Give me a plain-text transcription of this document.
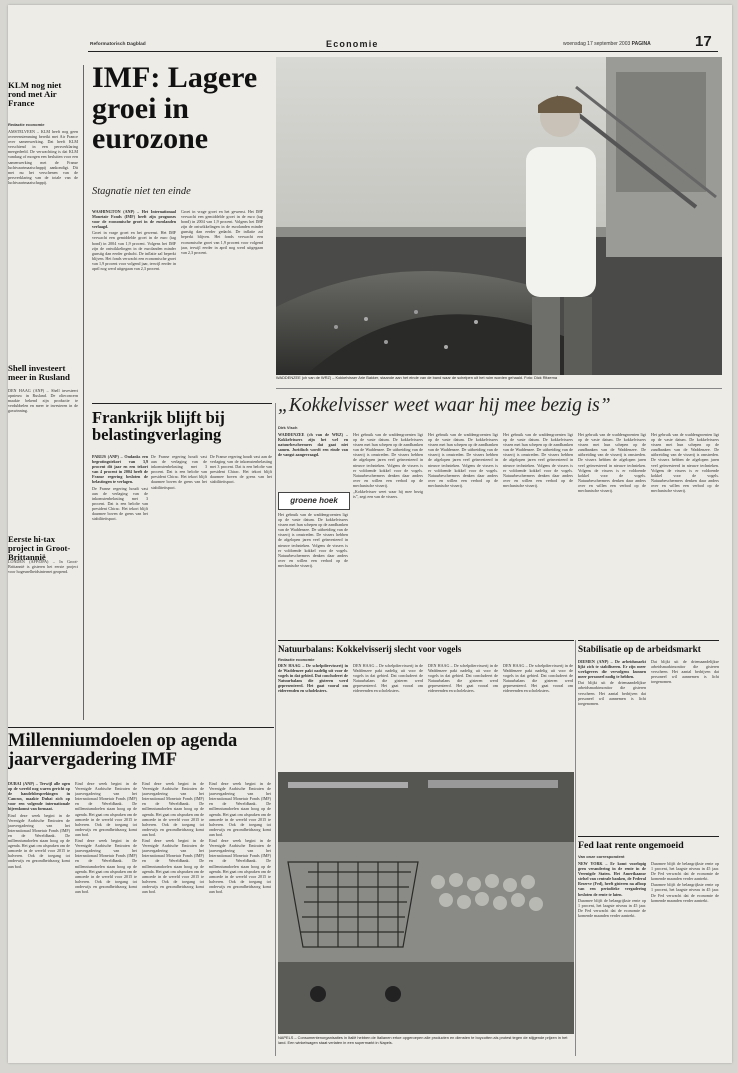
Reformatorisch Dagblad	Economie	woensdag 17 september 2003 PAGINA	17
KLM nog niet rond met Air France
Redactie economie

AMSTELVEEN – KLM heeft nog geen overeenstemming bereikt met Air France over samenwerking. Dat heeft KLM verschiend in een persverklaring meegedeeld. De verwachting is dat KLM vandaag of morgen een besluiten voor een samenwerking met de Franse luchtvaartmaatschappij aankondigt. Dit met nu het verschenen van de persverklaring van de totale van de luchtvaartmaatschappij.

Shell investeert meer in Rusland

DEN HAAG (ANP) – Shell investeert opnieuw in Rusland. De olieconcern maakte bekend zijn productie te verdubbelen en meer te investeren in de gaswinning.

Eerste hi-tax project in Groot-Brittannië

LONDEN (AFP/DPA) – In Groot-Brittannië is gisteren het eerste project voor hogesnelheidsinternet geopend.

IMF: Lagere groei in eurozone
Stagnatie niet ten einde

WASHINGTON (ANP) – Het Internationaal Monetair Fonds (IMF) heeft zijn prognoses voor de economische groei in de eurolanden verlaagd.

Groei in vrage groei en het gewenst. Het IMF verwacht een gemiddelde groei in de euro (tag bond) in 2004 van 1,9 procent. Volgens het IMF zijn de ontwikkelingen in de eurolanden minder gunstig dan eerder gedacht. De inflatie zal beperkt blijven. Het fonds verwacht een economische groei van 1,9 procent voor volgend jaar, terwijl eerder in april nog werd uitgegaan van 2,3 procent.

Groei in vrage groei en het gewenst. Het IMF verwacht een gemiddelde groei in de euro (tag bond) in 2004 van 1,9 procent. Volgens het IMF zijn de ontwikkelingen in de eurolanden minder gunstig dan eerder gedacht. De inflatie zal beperkt blijven. Het fonds verwacht een economische groei van 1,9 procent voor volgend jaar, terwijl eerder in april nog werd uitgegaan van 2,3 procent.

WADDENZEE (ch van de WRZ) – Kokkelvisser Arie Bakker, staande aan het einde van de band waar de schelpen uit het ruim worden gehaald. Foto: Dick Ritzema
„Kokkelvisser weet waar hij mee bezig is”
Dirk Visch

WADDENZEE (ch van de WRZ) – Kokkelvissers zijn het wel en natuurbeschermers dat gaat niet samen. Juridisch wordt een einde van de vangst aangevraagd.

groene hoek

Het gebruik van de waddengroenten ligt op de vaste datum. De kokkelvissers vissen met hun schepen op de zandbanken van de Waddenzee. De uitbreiding van de visserij is omstreden. De vissers hebben de afgelopen jaren veel geïnvesteerd in nieuwe technieken. Volgens de vissers is er voldoende kokkel voor de vogels. Natuurbeschermers denken daar anders over en willen een verbod op de mechanische visserij.

Het gebruik van de waddengroenten ligt op de vaste datum. De kokkelvissers vissen met hun schepen op de zandbanken van de Waddenzee. De uitbreiding van de visserij is omstreden. De vissers hebben de afgelopen jaren veel geïnvesteerd in nieuwe technieken. Volgens de vissers is er voldoende kokkel voor de vogels. Natuurbeschermers denken daar anders over en willen een verbod op de mechanische visserij.

„Kokkelvisser weet waar hij mee bezig is”, zegt een van de vissers.

Het gebruik van de waddengroenten ligt op de vaste datum. De kokkelvissers vissen met hun schepen op de zandbanken van de Waddenzee. De uitbreiding van de visserij is omstreden. De vissers hebben de afgelopen jaren veel geïnvesteerd in nieuwe technieken. Volgens de vissers is er voldoende kokkel voor de vogels. Natuurbeschermers denken daar anders over en willen een verbod op de mechanische visserij.

Het gebruik van de waddengroenten ligt op de vaste datum. De kokkelvissers vissen met hun schepen op de zandbanken van de Waddenzee. De uitbreiding van de visserij is omstreden. De vissers hebben de afgelopen jaren veel geïnvesteerd in nieuwe technieken. Volgens de vissers is er voldoende kokkel voor de vogels. Natuurbeschermers denken daar anders over en willen een verbod op de mechanische visserij.

Het gebruik van de waddengroenten ligt op de vaste datum. De kokkelvissers vissen met hun schepen op de zandbanken van de Waddenzee. De uitbreiding van de visserij is omstreden. De vissers hebben de afgelopen jaren veel geïnvesteerd in nieuwe technieken. Volgens de vissers is er voldoende kokkel voor de vogels. Natuurbeschermers denken daar anders over en willen een verbod op de mechanische visserij.

Het gebruik van de waddengroenten ligt op de vaste datum. De kokkelvissers vissen met hun schepen op de zandbanken van de Waddenzee. De uitbreiding van de visserij is omstreden. De vissers hebben de afgelopen jaren veel geïnvesteerd in nieuwe technieken. Volgens de vissers is er voldoende kokkel voor de vogels. Natuurbeschermers denken daar anders over en willen een verbod op de mechanische visserij.

Frankrijk blijft bij belastingverlaging

PARIJS (ANP) – Ondanks een begrotingstekort van 3,9 procent dit jaar en een tekort van 4 procent in 2004 heeft de Franse regering besloten de belastingen te verlagen.

De Franse regering houdt vast aan de verlaging van de inkomstenbelasting met 3 procent. Dat is een belofte van president Chirac. Het tekort blijft daarmee boven de grens van het stabiliteitspact.

De Franse regering houdt vast aan de verlaging van de inkomstenbelasting met 3 procent. Dat is een belofte van president Chirac. Het tekort blijft daarmee boven de grens van het stabiliteitspact.

De Franse regering houdt vast aan de verlaging van de inkomstenbelasting met 3 procent. Dat is een belofte van president Chirac. Het tekort blijft daarmee boven de grens van het stabiliteitspact.

Natuurbalans: Kokkelvisserij slecht voor vogels
Redactie economie

DEN HAAG – De schelpdiervisserij in de Waddenzee pakt nadelig uit voor de vogels in dat gebied. Dat concludeert de Natuurbalans die gisteren werd gepresenteerd. Het gaat vooral om eidereenden en scholeksters.

DEN HAAG – De schelpdiervisserij in de Waddenzee pakt nadelig uit voor de vogels in dat gebied. Dat concludeert de Natuurbalans die gisteren werd gepresenteerd. Het gaat vooral om eidereenden en scholeksters.

DEN HAAG – De schelpdiervisserij in de Waddenzee pakt nadelig uit voor de vogels in dat gebied. Dat concludeert de Natuurbalans die gisteren werd gepresenteerd. Het gaat vooral om eidereenden en scholeksters.

DEN HAAG – De schelpdiervisserij in de Waddenzee pakt nadelig uit voor de vogels in dat gebied. Dat concludeert de Natuurbalans die gisteren werd gepresenteerd. Het gaat vooral om eidereenden en scholeksters.

Stabilisatie op de arbeidsmarkt

DIEMEN (ANP) – De arbeidsmarkt lijkt zich te stabiliseren. Er zijn meer werkgevers die vervolgens kunnen meer personeel nodig te hebben.

Dat blijkt uit de driemaandelijkse arbeidsmarktmonitor die gisteren verscheen. Het aantal bedrijven dat personeel wil aannemen is licht toegenomen.

Dat blijkt uit de driemaandelijkse arbeidsmarktmonitor die gisteren verscheen. Het aantal bedrijven dat personeel wil aannemen is licht toegenomen.

Fed laat rente ongemoeid
Van onze correspondent

NEW YORK – Er komt voorlopig geen verandering in de rente in de Verenigde Staten. Het Amerikaanse stelsel van centrale banken, de Federal Reserve (Fed), heeft gisteren na afloop van een periodieke vergadering besloten de rente te laten.

Daarmee blijft de belangrijkste rente op 1 procent, het laagste niveau in 45 jaar. De Fed verwacht dat de economie de komende maanden verder aantrekt.

Daarmee blijft de belangrijkste rente op 1 procent, het laagste niveau in 45 jaar. De Fed verwacht dat de economie de komende maanden verder aantrekt.

Daarmee blijft de belangrijkste rente op 1 procent, het laagste niveau in 45 jaar. De Fed verwacht dat de economie de komende maanden verder aantrekt.

Millenniumdoelen op agenda jaarvergadering IMF

DUBAI (ANP) – Terwijl alle ogen op de wereld nog waren gericht op de handelsbesprekingen in Cancun, maakte Dubai zich op voor een volgende internationale bijeenkomst van formaat.

Eind deze week begint in de Verenigde Arabische Emiraten de jaarvergadering van het Internationaal Monetair Fonds (IMF) en de Wereldbank. De millenniumdoelen staan hoog op de agenda. Het gaat om afspraken om de armoede in de wereld voor 2015 te halveren. Ook de toegang tot onderwijs en gezondheidszorg komt aan bod.

Eind deze week begint in de Verenigde Arabische Emiraten de jaarvergadering van het Internationaal Monetair Fonds (IMF) en de Wereldbank. De millenniumdoelen staan hoog op de agenda. Het gaat om afspraken om de armoede in de wereld voor 2015 te halveren. Ook de toegang tot onderwijs en gezondheidszorg komt aan bod.

Eind deze week begint in de Verenigde Arabische Emiraten de jaarvergadering van het Internationaal Monetair Fonds (IMF) en de Wereldbank. De millenniumdoelen staan hoog op de agenda. Het gaat om afspraken om de armoede in de wereld voor 2015 te halveren. Ook de toegang tot onderwijs en gezondheidszorg komt aan bod.

Eind deze week begint in de Verenigde Arabische Emiraten de jaarvergadering van het Internationaal Monetair Fonds (IMF) en de Wereldbank. De millenniumdoelen staan hoog op de agenda. Het gaat om afspraken om de armoede in de wereld voor 2015 te halveren. Ook de toegang tot onderwijs en gezondheidszorg komt aan bod.

Eind deze week begint in de Verenigde Arabische Emiraten de jaarvergadering van het Internationaal Monetair Fonds (IMF) en de Wereldbank. De millenniumdoelen staan hoog op de agenda. Het gaat om afspraken om de armoede in de wereld voor 2015 te halveren. Ook de toegang tot onderwijs en gezondheidszorg komt aan bod.

Eind deze week begint in de Verenigde Arabische Emiraten de jaarvergadering van het Internationaal Monetair Fonds (IMF) en de Wereldbank. De millenniumdoelen staan hoog op de agenda. Het gaat om afspraken om de armoede in de wereld voor 2015 te halveren. Ook de toegang tot onderwijs en gezondheidszorg komt aan bod.

Eind deze week begint in de Verenigde Arabische Emiraten de jaarvergadering van het Internationaal Monetair Fonds (IMF) en de Wereldbank. De millenniumdoelen staan hoog op de agenda. Het gaat om afspraken om de armoede in de wereld voor 2015 te halveren. Ook de toegang tot onderwijs en gezondheidszorg komt aan bod.

NAPELS – Consumentenorganisaties in Italië hebben de Italianen ertoe opgeroepen alle producten en diensten te boycotten als protest tegen de stijgende prijzen in het land. Een winkelwagen staat verlaten in een supermarkt in Napels.
